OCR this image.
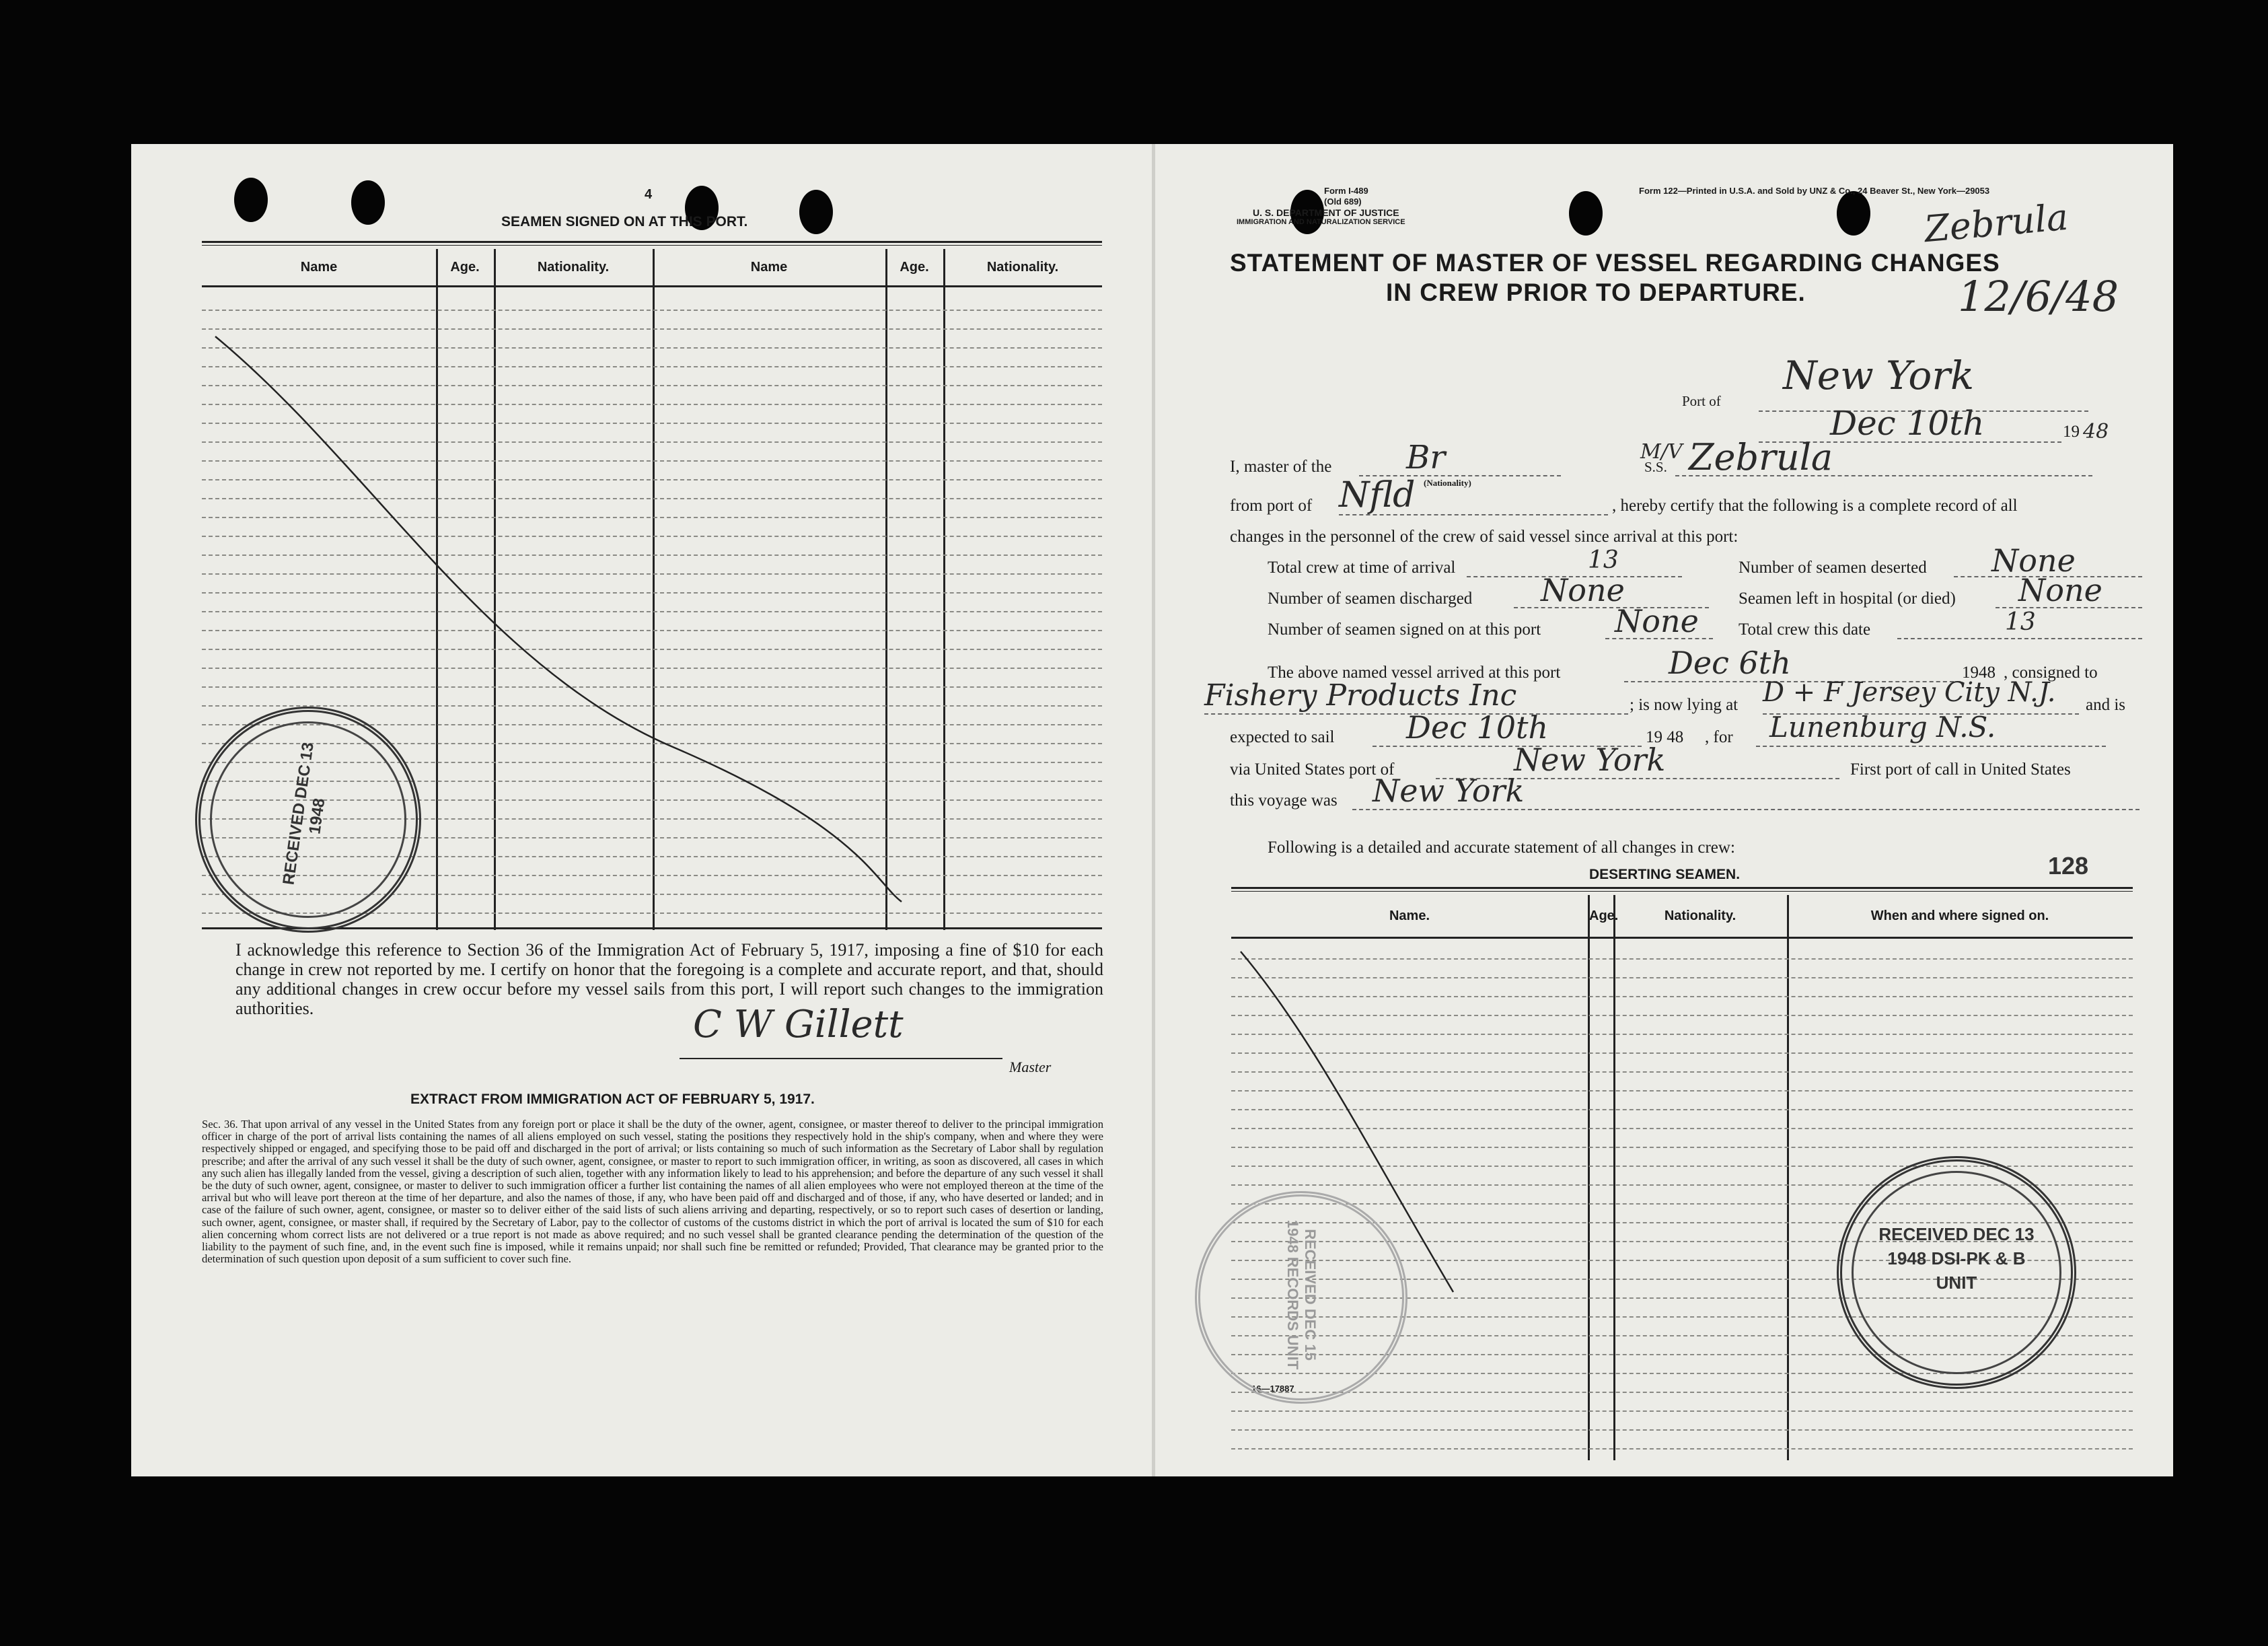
4
SEAMEN SIGNED ON AT THIS PORT.
Name	Age.	Nationality.	Name	Age.	Nationality.
RECEIVED DEC 13 1948
I acknowledge this reference to Section 36 of the Immigration Act of February 5, 1917, imposing a fine of $10 for each change in crew not reported by me. I certify on honor that the foregoing is a complete and accurate report, and that, should any additional changes in crew occur before my vessel sails from this port, I will report such changes to the immigration authorities.	C W Gillett
Master
EXTRACT FROM IMMIGRATION ACT OF FEBRUARY 5, 1917.
Sec. 36. That upon arrival of any vessel in the United States from any foreign port or place it shall be the duty of the owner, agent, consignee, or master thereof to deliver to the principal immigration officer in charge of the port of arrival lists containing the names of all aliens employed on such vessel, stating the positions they respectively hold in the ship's company, when and where they were respectively shipped or engaged, and specifying those to be paid off and discharged in the port of arrival; or lists containing so much of such information as the Secretary of Labor shall by regulation prescribe; and after the arrival of any such vessel it shall be the duty of such owner, agent, consignee, or master to report to such immigration officer, in writing, as soon as discovered, all cases in which any such alien has illegally landed from the vessel, giving a description of such alien, together with any information likely to lead to his apprehension; and before the departure of any such vessel it shall be the duty of such owner, agent, consignee, or master to deliver to such immigration officer a further list containing the names of all alien employees who were not employed thereon at the time of the arrival but who will leave port thereon at the time of her departure, and also the names of those, if any, who have been paid off and discharged and of those, if any, who have deserted or landed; and in case of the failure of such owner, agent, consignee, or master so to deliver either of the said lists of such aliens arriving and departing, respectively, or so to report such cases of desertion or landing, such owner, agent, consignee, or master shall, if required by the Secretary of Labor, pay to the collector of customs of the customs district in which the port of arrival is located the sum of $10 for each alien concerning whom correct lists are not delivered or a true report is not made as above required; and no such vessel shall be granted clearance pending the determination of the question of the liability to the payment of such fine, and, in the event such fine is imposed, while it remains unpaid; nor shall such fine be remitted or refunded; Provided, That clearance may be granted prior to the determination of such question upon deposit of a sum sufficient to cover such fine.
Form I-489
(Old 689)
U. S. DEPARTMENT OF JUSTICE
IMMIGRATION AND NATURALIZATION SERVICE
Form 122—Printed in U.S.A. and Sold by UNZ & Co., 24 Beaver St., New York—29053
Zebrula
12/6/48
STATEMENT OF MASTER OF VESSEL REGARDING CHANGES
IN CREW PRIOR TO DEPARTURE.
Port of
New York
Dec 10th	19 48
I, master of the Br
(Nationality)
M/V
S.S. Zebrula
from port of Nfld	, hereby certify that the following is a complete record of all
changes in the personnel of the crew of said vessel since arrival at this port:
Total crew at time of arrival	13	Number of seamen deserted None
Number of seamen discharged None	Seamen left in hospital (or died) None
Number of seamen signed on at this port None Total crew this date	13
The above named vessel arrived at this port	Dec 6th	1948 , consigned to
Fishery Products Inc	; is now lying at D + F Jersey City N.J. and is
expected to sail Dec 10th	19 48 , for Lunenburg N.S.
via United States port of	New York	First port of call in United States
this voyage was New York
Following is a detailed and accurate statement of all changes in crew:
DESERTING SEAMEN.	128
Name.	Age.	Nationality.	When and where signed on.
16—17887
RECEIVED DEC 13 1948 DSI-PK & B UNIT
RECEIVED DEC 15 1948 RECORDS UNIT
